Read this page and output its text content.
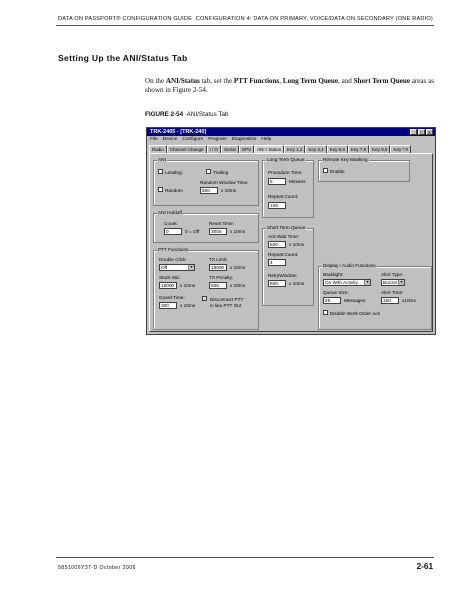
DATA ON PASSPORT® CONFIGURATION GUIDE CONFIGURATION 4: DATA ON PRIMARY, VOICE/DATA ON SECONDARY (ONE RADIO)
Setting Up the ANI/Status Tab
On the ANI/Status tab, set the PTT Functions, Long Term Queue, and Short Term Queue areas as shown in Figure 2-54.
FIGURE 2-54 ANI/Status Tab
TRK-2405 - [TRK-240]	_	□	×
File Device Configure Program Diagnostics Help
Radio	Channel Change	I / O	Serial	GPS	ANI / Status	Key 1,2	Key 3,4	Key 5,6	Key 7,8	Key 9,0	Key *,#
ANI
Leading	Trailing
Random
Random Window Time:
500	x 10ms
ANI Holdoff
Count:
0	0 = Off
Reset Time:
3000	x 10ms
PTT Functions
Double Click:
Off	▼
TX Limit:
18000	x 10ms
Stuck Mic:
18000	x 10ms
TX Penalty:
500	x 10ms
Guard Time:
300	x 10ms
✓ Disconnect PTT
in lieu PTT Out
Long Term Queue
Procedure Time:
5	Minutes
Repeat Count:
100
Short Term Queue
Ack Wait Time:
500	x 10ms
Repeat Count:
4
RetryWindow:
500	x 10ms
Remote Key Masking
Enable
Display / Audio Functions
Backlight:
On With Activity	▼
Alert Type:
Buzzer ▼
Queue Size:
25	Messages
Alert Time:
150	x10ms
Disable Work Order Ack
5851006Y37-D October 2006	2-61
